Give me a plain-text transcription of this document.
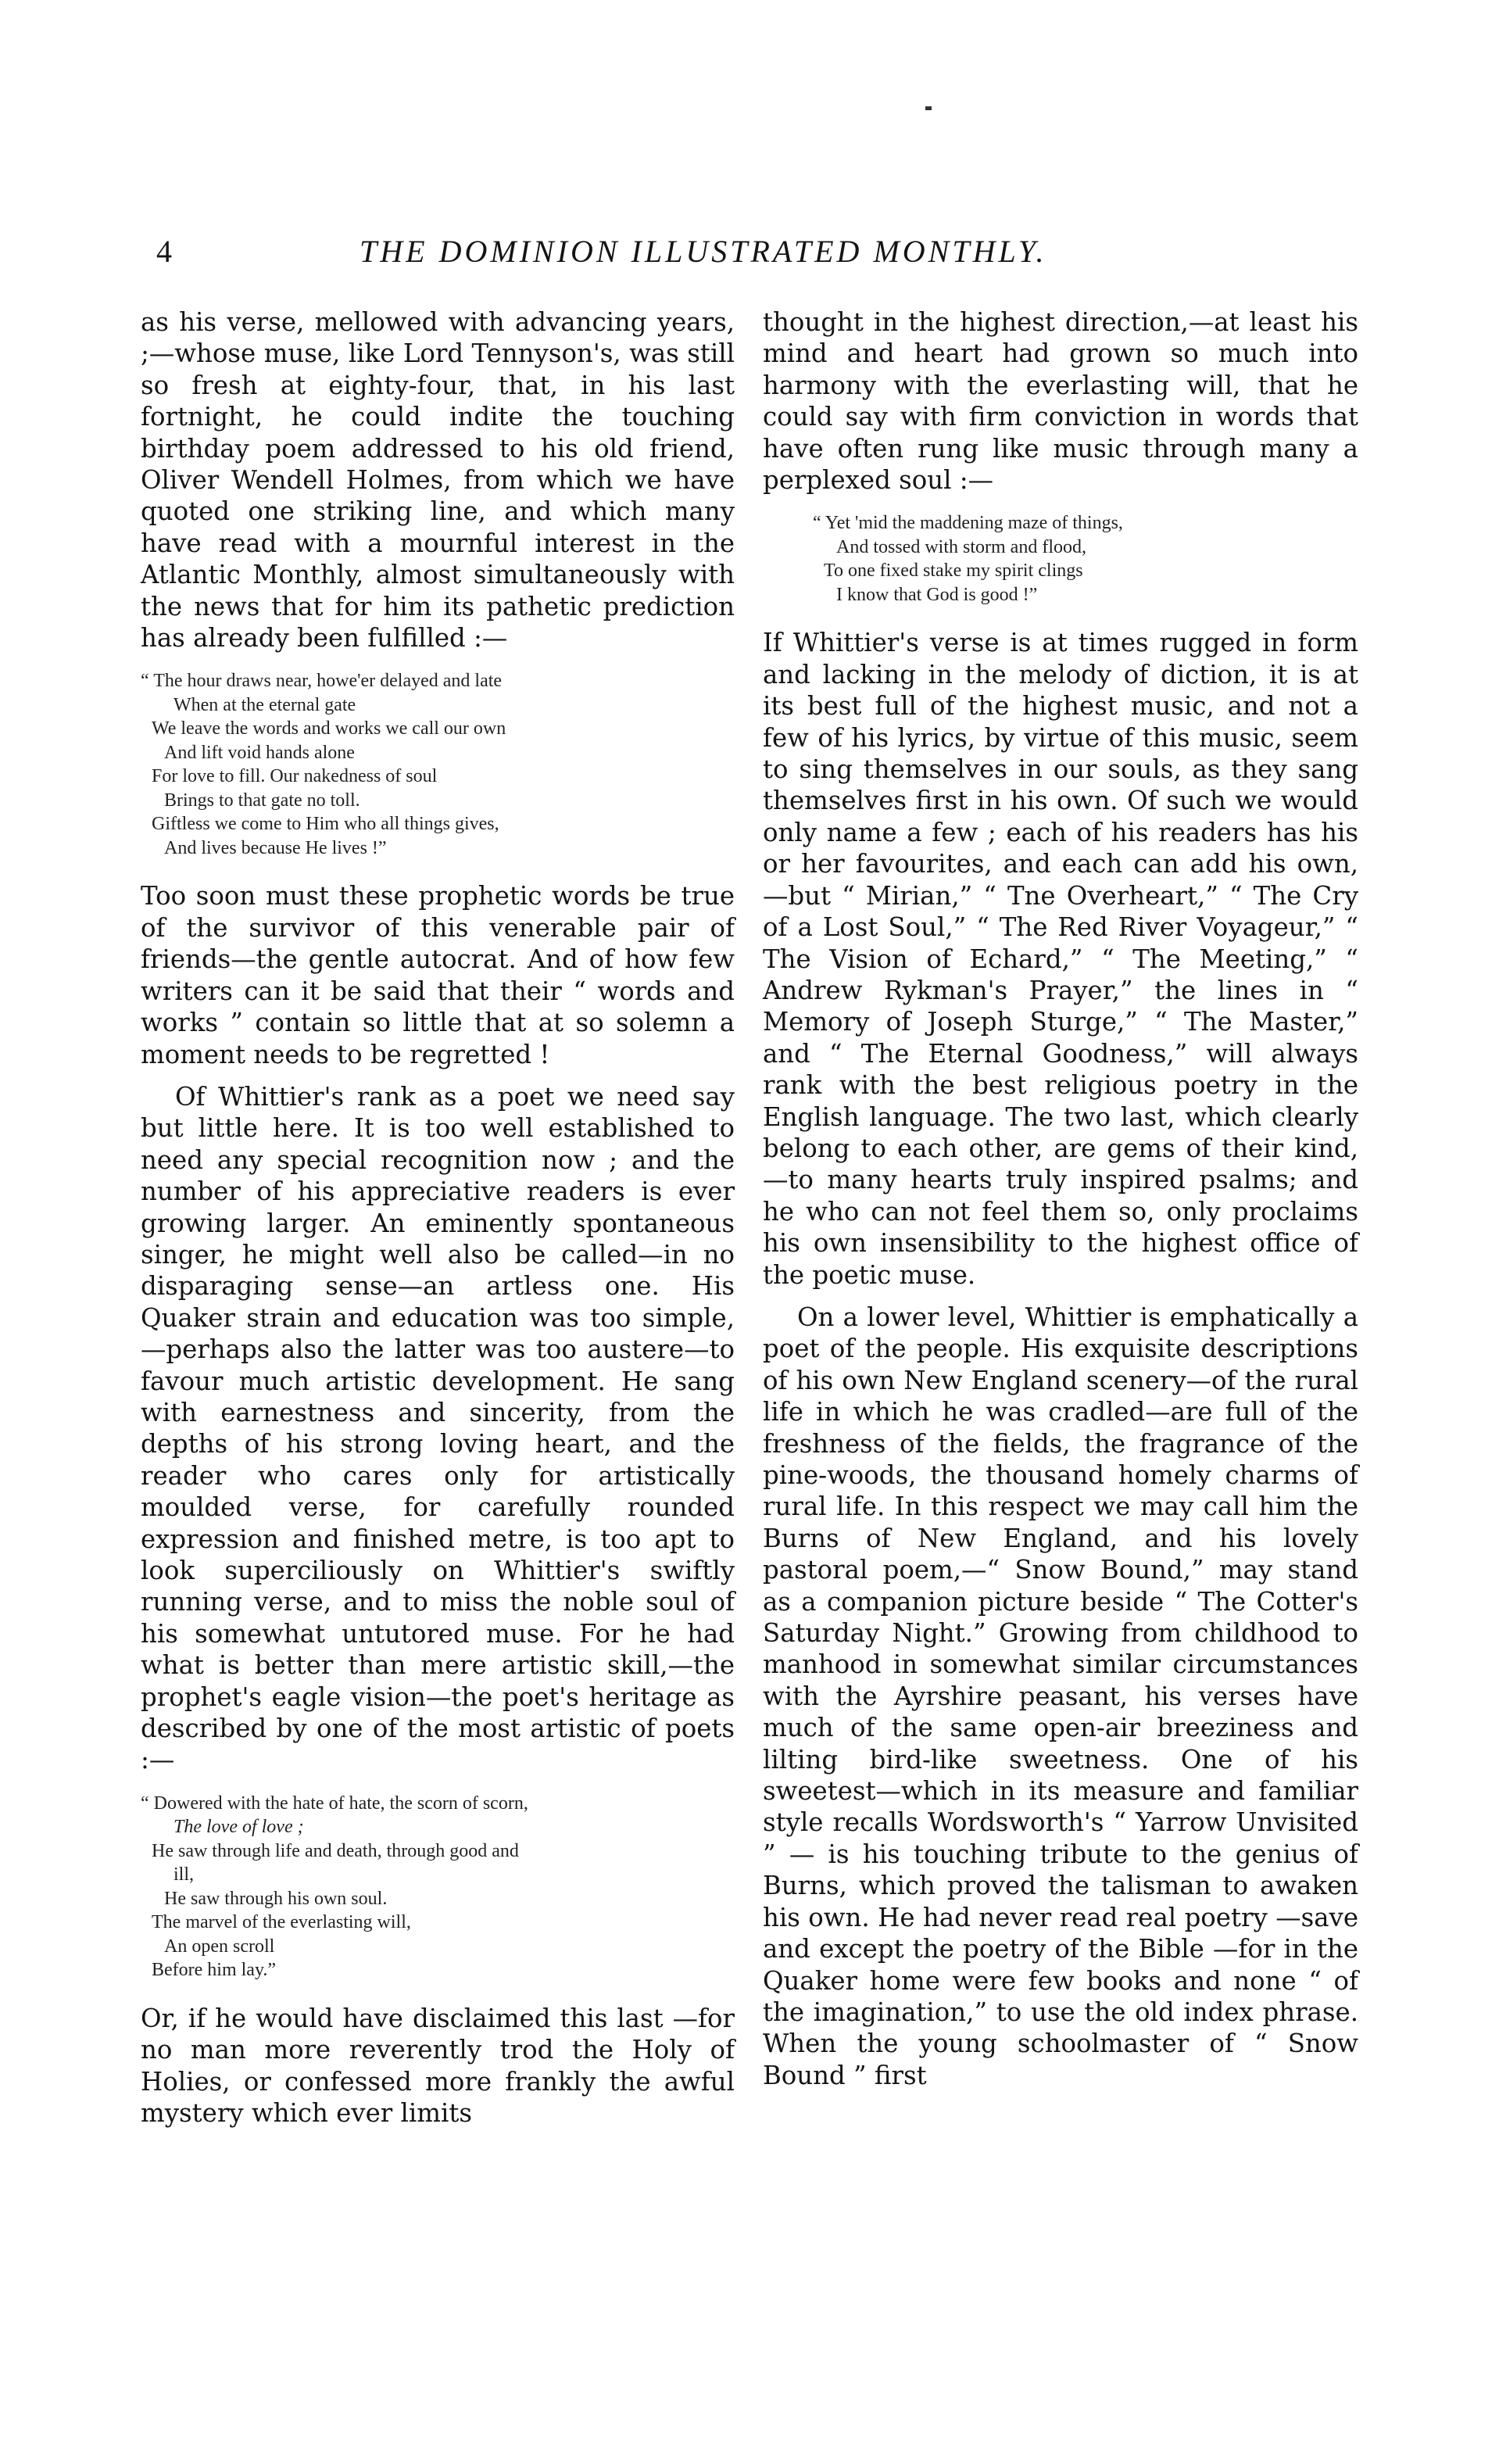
4	THE DOMINION ILLUSTRATED MONTHLY.

as his verse, mellowed with advancing years, ;—whose muse, like Lord Tennyson's, was still so fresh at eighty-four, that, in his last fortnight, he could indite the touching birthday poem addressed to his old friend, Oliver Wendell Holmes, from which we have quoted one striking line, and which many have read with a mournful interest in the Atlantic Monthly, almost simultaneously with the news that for him its pathetic prediction has already been fulfilled :—

“ The hour draws near, howe'er delayed and late
When at the eternal gate
We leave the words and works we call our own
And lift void hands alone
For love to fill. Our nakedness of soul
Brings to that gate no toll.
Giftless we come to Him who all things gives,
And lives because He lives !”

Too soon must these prophetic words be true of the survivor of this venerable pair of friends—the gentle autocrat. And of how few writers can it be said that their “ words and works ” contain so little that at so solemn a moment needs to be regretted !

Of Whittier's rank as a poet we need say but little here. It is too well established to need any special recognition now ; and the number of his appreciative readers is ever growing larger. An eminently spontaneous singer, he might well also be called—in no disparaging sense—an artless one. His Quaker strain and education was too simple,—perhaps also the latter was too austere—to favour much artistic development. He sang with earnestness and sincerity, from the depths of his strong loving heart, and the reader who cares only for artistically moulded verse, for carefully rounded expression and finished metre, is too apt to look superciliously on Whittier's swiftly running verse, and to miss the noble soul of his somewhat untutored muse. For he had what is better than mere artistic skill,—the prophet's eagle vision—the poet's heritage as described by one of the most artistic of poets :—

“ Dowered with the hate of hate, the scorn of scorn,
The love of love ;
He saw through life and death, through good and
ill,
He saw through his own soul.
The marvel of the everlasting will,
An open scroll
Before him lay.”

Or, if he would have disclaimed this last —for no man more reverently trod the Holy of Holies, or confessed more frankly the awful mystery which ever limits

thought in the highest direction,—at least his mind and heart had grown so much into harmony with the everlasting will, that he could say with firm conviction in words that have often rung like music through many a perplexed soul :—

“ Yet 'mid the maddening maze of things,
And tossed with storm and flood,
To one fixed stake my spirit clings
I know that God is good !”

If Whittier's verse is at times rugged in form and lacking in the melody of diction, it is at its best full of the highest music, and not a few of his lyrics, by virtue of this music, seem to sing themselves in our souls, as they sang themselves first in his own. Of such we would only name a few ; each of his readers has his or her favourites, and each can add his own,—but “ Mirian,” “ Tne Overheart,” “ The Cry of a Lost Soul,” “ The Red River Voyageur,” “ The Vision of Echard,” “ The Meeting,” “ Andrew Rykman's Prayer,” the lines in “ Memory of Joseph Sturge,” “ The Master,” and “ The Eternal Goodness,” will always rank with the best religious poetry in the English language. The two last, which clearly belong to each other, are gems of their kind,—to many hearts truly inspired psalms; and he who can not feel them so, only proclaims his own insensibility to the highest office of the poetic muse.

On a lower level, Whittier is emphatically a poet of the people. His exquisite descriptions of his own New England scenery—of the rural life in which he was cradled—are full of the freshness of the fields, the fragrance of the pine-woods, the thousand homely charms of rural life. In this respect we may call him the Burns of New England, and his lovely pastoral poem,—“ Snow Bound,” may stand as a companion picture beside “ The Cotter's Saturday Night.” Growing from childhood to manhood in somewhat similar circumstances with the Ayrshire peasant, his verses have much of the same open-air breeziness and lilting bird-like sweetness. One of his sweetest—which in its measure and familiar style recalls Wordsworth's “ Yarrow Unvisited ” — is his touching tribute to the genius of Burns, which proved the talisman to awaken his own. He had never read real poetry —save and except the poetry of the Bible —for in the Quaker home were few books and none “ of the imagination,” to use the old index phrase. When the young schoolmaster of “ Snow Bound ” first
